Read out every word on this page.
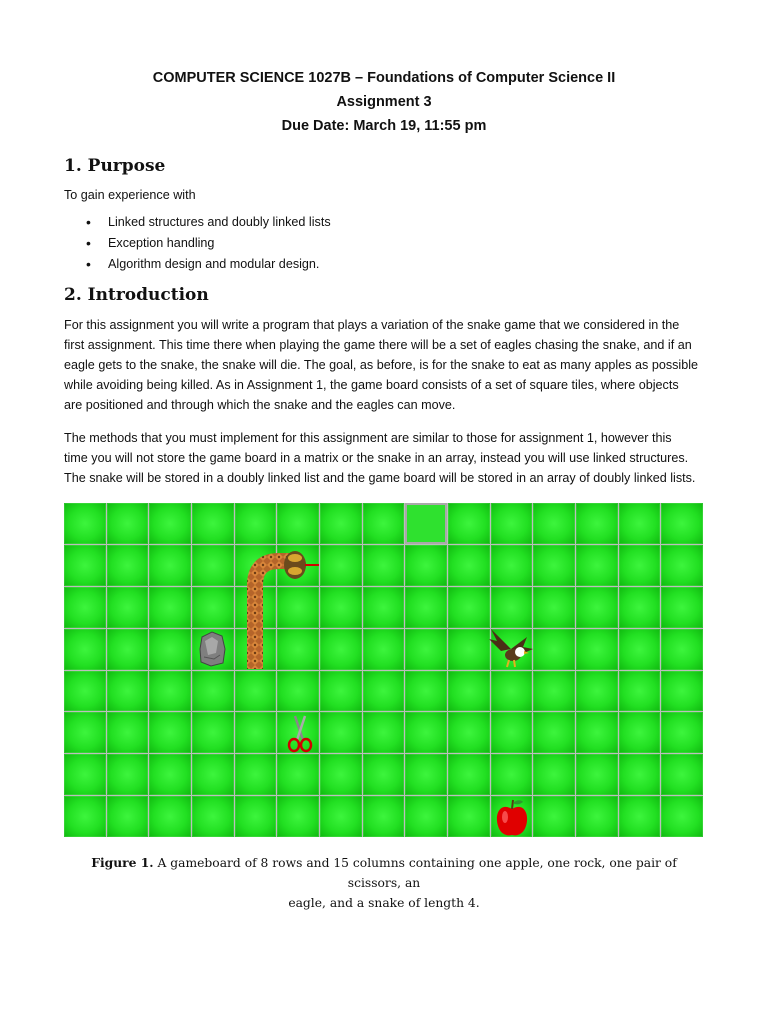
COMPUTER SCIENCE 1027B – Foundations of Computer Science II
Assignment 3
Due Date: March 19, 11:55 pm
1. Purpose
To gain experience with
• Linked structures and doubly linked lists
• Exception handling
• Algorithm design and modular design.
2. Introduction
For this assignment you will write a program that plays a variation of the snake game that we considered in the
first assignment. This time there when playing the game there will be a set of eagles chasing the snake, and if an
eagle gets to the snake, the snake will die. The goal, as before, is for the snake to eat as many apples as possible
while avoiding being killed. As in Assignment 1, the game board consists of a set of square tiles, where objects
are positioned and through which the snake and the eagles can move.
The methods that you must implement for this assignment are similar to those for assignment 1, however this
time you will not store the game board in a matrix or the snake in an array, instead you will use linked structures.
The snake will be stored in a doubly linked list and the game board will be stored in an array of doubly linked lists.
Figure 1. A gameboard of 8 rows and 15 columns containing one apple, one rock, one pair of scissors, an
eagle, and a snake of length 4.
